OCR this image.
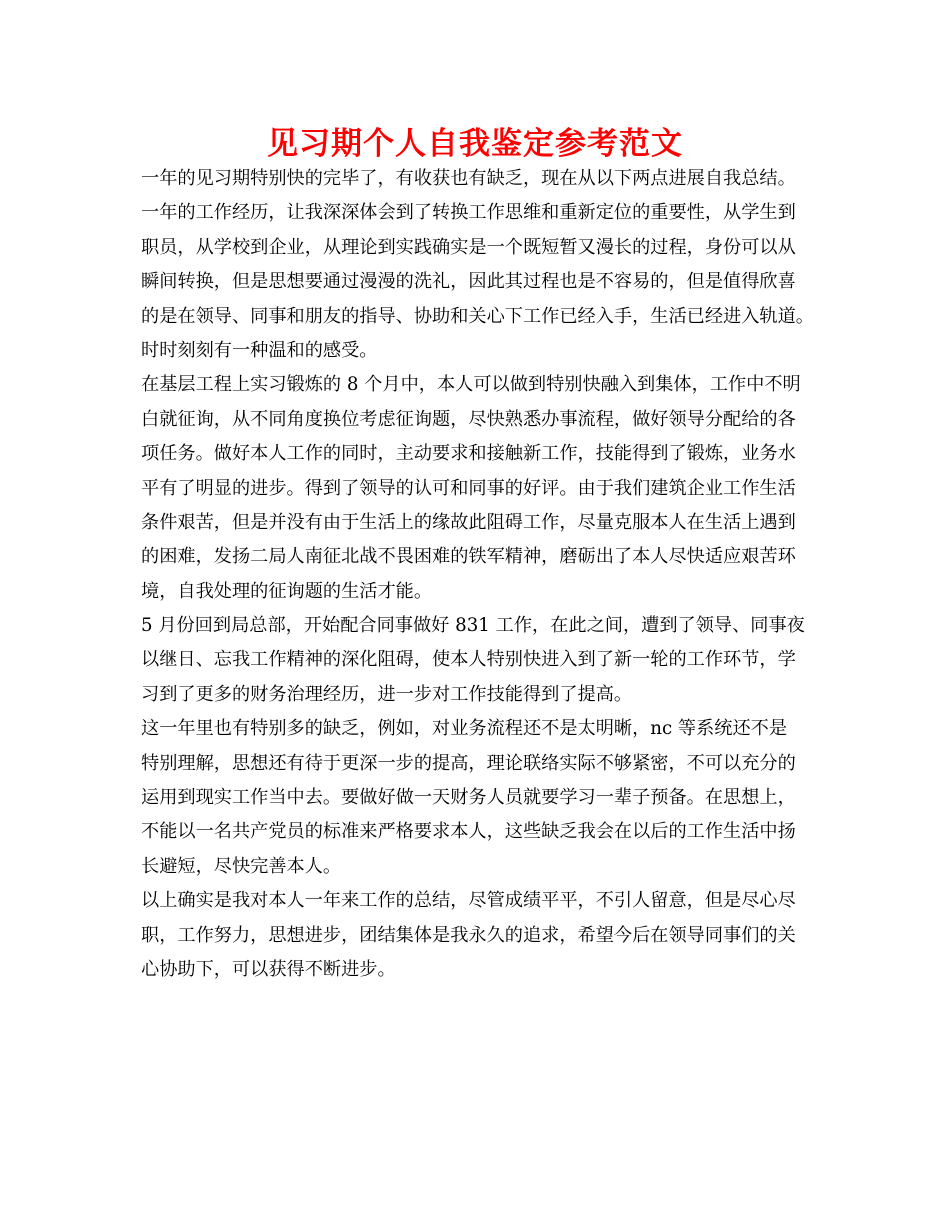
见习期个人自我鉴定参考范文
一年的见习期特别快的完毕了，有收获也有缺乏，现在从以下两点进展自我总结。
一年的工作经历，让我深深体会到了转换工作思维和重新定位的重要性，从学生到
职员，从学校到企业，从理论到实践确实是一个既短暂又漫长的过程，身份可以从
瞬间转换，但是思想要通过漫漫的洗礼，因此其过程也是不容易的，但是值得欣喜
的是在领导、同事和朋友的指导、协助和关心下工作已经入手，生活已经进入轨道。
时时刻刻有一种温和的感受。
在基层工程上实习锻炼的 8 个月中，本人可以做到特别快融入到集体，工作中不明
白就征询，从不同角度换位考虑征询题，尽快熟悉办事流程，做好领导分配给的各
项任务。做好本人工作的同时，主动要求和接触新工作，技能得到了锻炼，业务水
平有了明显的进步。得到了领导的认可和同事的好评。由于我们建筑企业工作生活
条件艰苦，但是并没有由于生活上的缘故此阻碍工作，尽量克服本人在生活上遇到
的困难，发扬二局人南征北战不畏困难的铁军精神，磨砺出了本人尽快适应艰苦环
境，自我处理的征询题的生活才能。
5 月份回到局总部，开始配合同事做好 831 工作，在此之间，遭到了领导、同事夜
以继日、忘我工作精神的深化阻碍，使本人特别快进入到了新一轮的工作环节，学
习到了更多的财务治理经历，进一步对工作技能得到了提高。
这一年里也有特别多的缺乏，例如，对业务流程还不是太明晰，nc 等系统还不是
特别理解，思想还有待于更深一步的提高，理论联络实际不够紧密，不可以充分的
运用到现实工作当中去。要做好做一天财务人员就要学习一辈子预备。在思想上，
不能以一名共产党员的标准来严格要求本人，这些缺乏我会在以后的工作生活中扬
长避短，尽快完善本人。
以上确实是我对本人一年来工作的总结，尽管成绩平平，不引人留意，但是尽心尽
职，工作努力，思想进步，团结集体是我永久的追求，希望今后在领导同事们的关
心协助下，可以获得不断进步。
